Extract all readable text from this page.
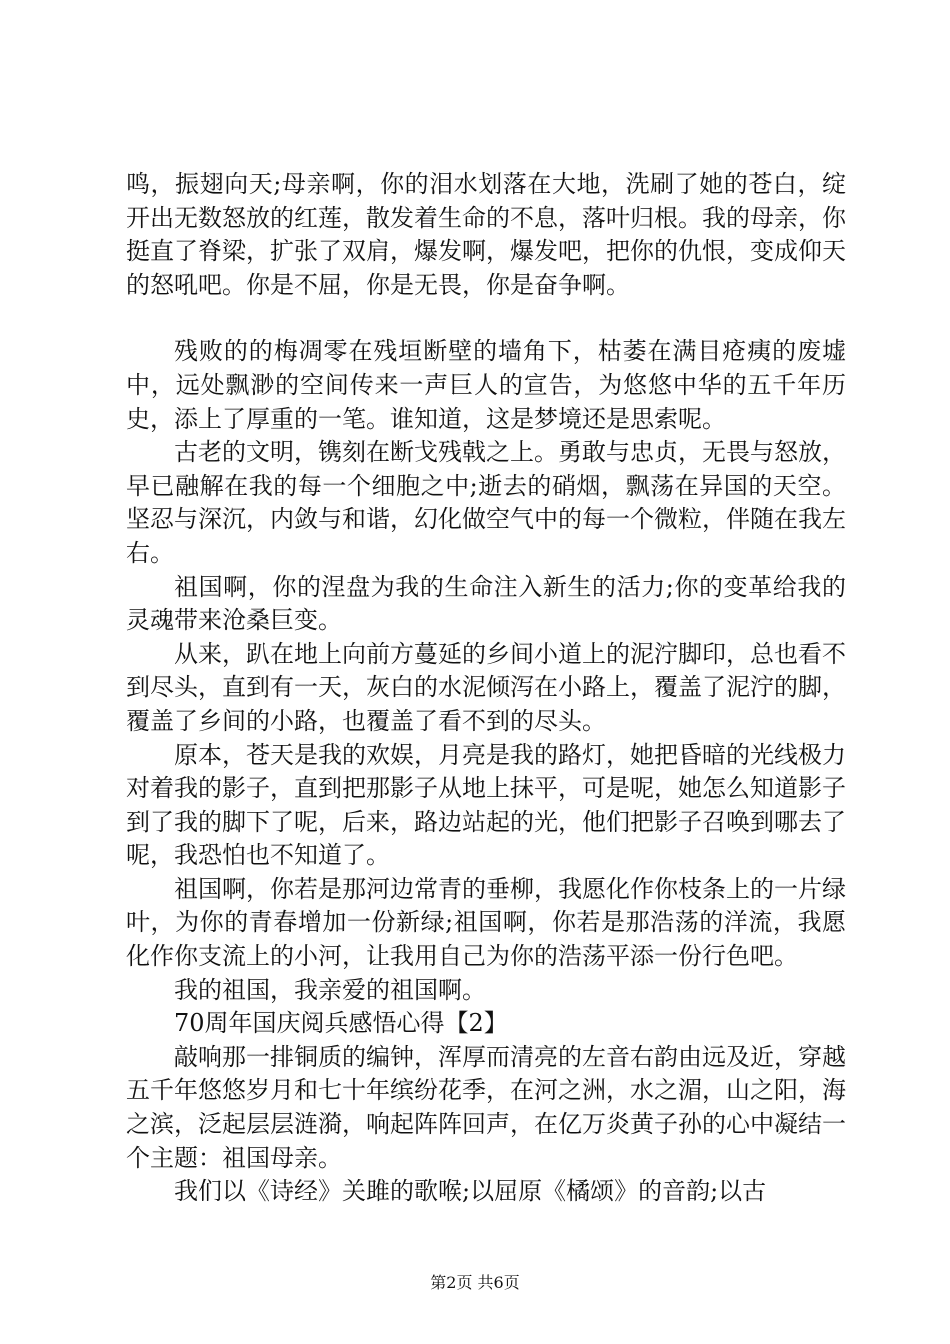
鸣，振翅向天;母亲啊，你的泪水划落在大地，洗刷了她的苍白，绽开出无数怒放的红莲，散发着生命的不息，落叶归根。我的母亲，你挺直了脊梁，扩张了双肩，爆发啊，爆发吧，把你的仇恨，变成仰天的怒吼吧。你是不屈，你是无畏，你是奋争啊。

残败的的梅凋零在残垣断壁的墙角下，枯萎在满目疮痍的废墟中，远处飘渺的空间传来一声巨人的宣告，为悠悠中华的五千年历史，添上了厚重的一笔。谁知道，这是梦境还是思索呢。

古老的文明，镌刻在断戈残戟之上。勇敢与忠贞，无畏与怒放，早已融解在我的每一个细胞之中;逝去的硝烟，飘荡在异国的天空。坚忍与深沉，内敛与和谐，幻化做空气中的每一个微粒，伴随在我左右。

祖国啊，你的涅盘为我的生命注入新生的活力;你的变革给我的灵魂带来沧桑巨变。

从来，趴在地上向前方蔓延的乡间小道上的泥泞脚印，总也看不到尽头，直到有一天，灰白的水泥倾泻在小路上，覆盖了泥泞的脚，覆盖了乡间的小路，也覆盖了看不到的尽头。

原本，苍天是我的欢娱，月亮是我的路灯，她把昏暗的光线极力对着我的影子，直到把那影子从地上抹平，可是呢，她怎么知道影子到了我的脚下了呢，后来，路边站起的光，他们把影子召唤到哪去了呢，我恐怕也不知道了。

祖国啊，你若是那河边常青的垂柳，我愿化作你枝条上的一片绿叶，为你的青春增加一份新绿;祖国啊，你若是那浩荡的洋流，我愿化作你支流上的小河，让我用自己为你的浩荡平添一份行色吧。

我的祖国，我亲爱的祖国啊。

70周年国庆阅兵感悟心得【2】

敲响那一排铜质的编钟，浑厚而清亮的左音右韵由远及近，穿越五千年悠悠岁月和七十年缤纷花季，在河之洲，水之湄，山之阳，海之滨，泛起层层涟漪，响起阵阵回声，在亿万炎黄子孙的心中凝结一个主题：祖国母亲。

我们以《诗经》关雎的歌喉;以屈原《橘颂》的音韵;以古

第2页 共6页
